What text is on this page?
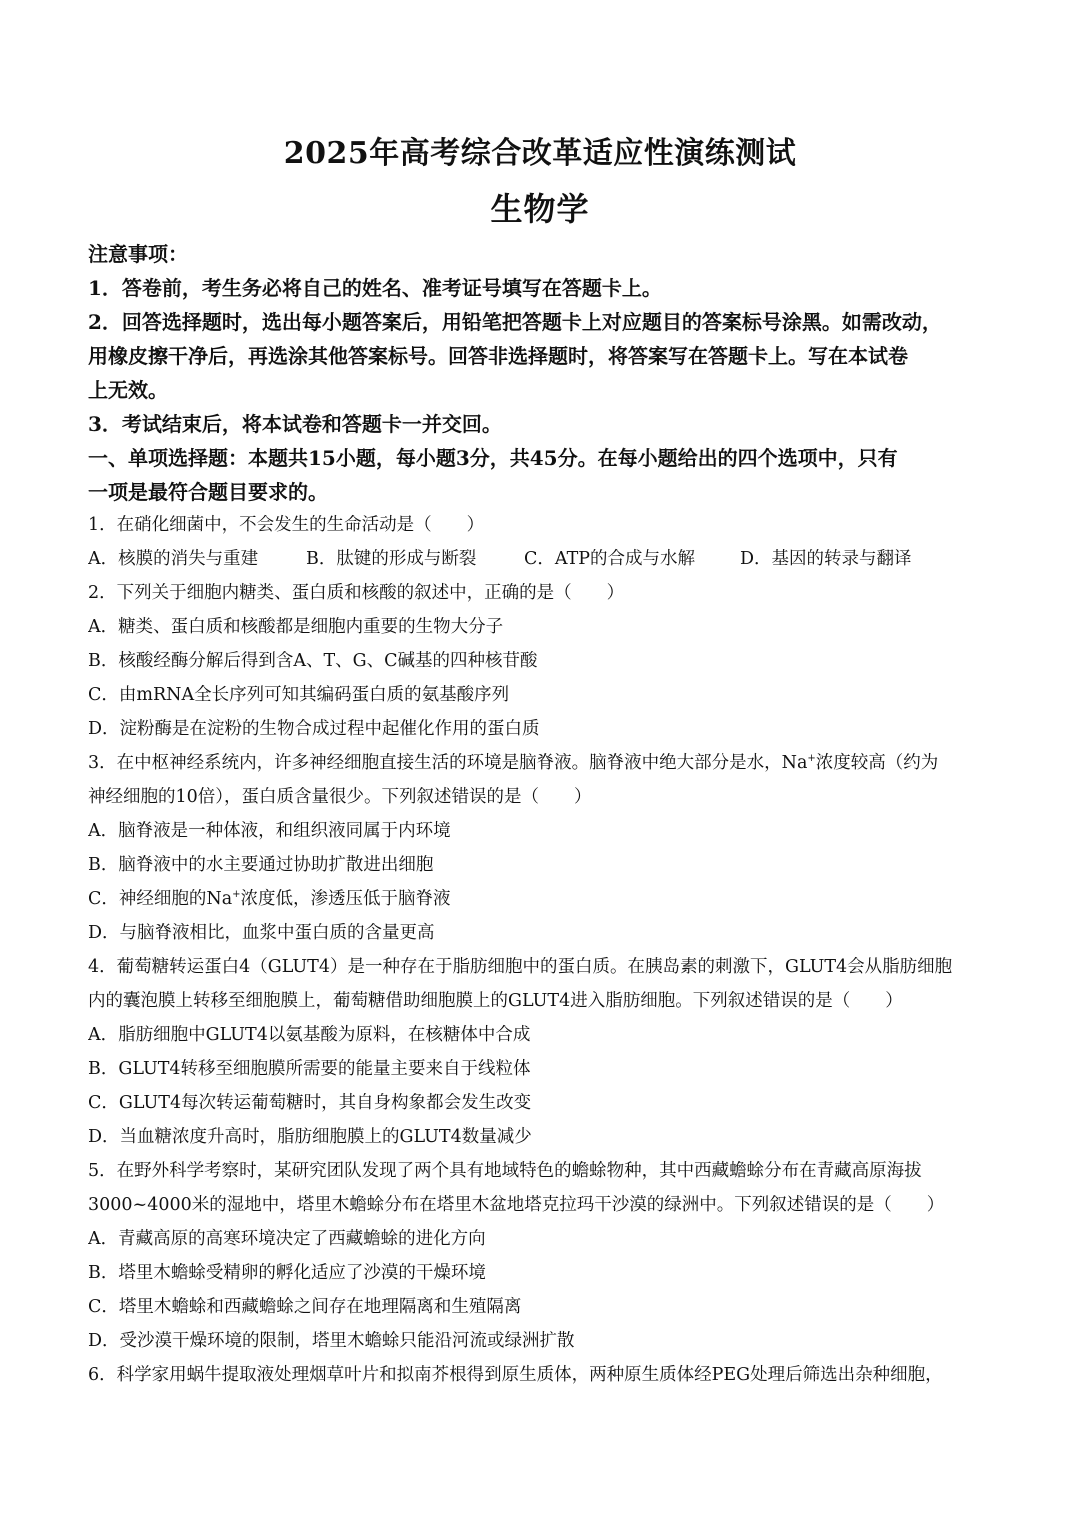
2025年高考综合改革适应性演练测试
生物学
注意事项：
1．答卷前，考生务必将自己的姓名、准考证号填写在答题卡上。
2．回答选择题时，选出每小题答案后，用铅笔把答题卡上对应题目的答案标号涂黑。如需改动，
用橡皮擦干净后，再选涂其他答案标号。回答非选择题时，将答案写在答题卡上。写在本试卷
上无效。
3．考试结束后，将本试卷和答题卡一并交回。
一、单项选择题：本题共15小题，每小题3分，共45分。在每小题给出的四个选项中，只有
一项是最符合题目要求的。
1．在硝化细菌中，不会发生的生命活动是（　　）
A．核膜的消失与重建	B．肽键的形成与断裂	C．ATP的合成与水解	D．基因的转录与翻译
2．下列关于细胞内糖类、蛋白质和核酸的叙述中，正确的是（　　）
A．糖类、蛋白质和核酸都是细胞内重要的生物大分子
B．核酸经酶分解后得到含A、T、G、C碱基的四种核苷酸
C．由mRNA全长序列可知其编码蛋白质的氨基酸序列
D．淀粉酶是在淀粉的生物合成过程中起催化作用的蛋白质
3．在中枢神经系统内，许多神经细胞直接生活的环境是脑脊液。脑脊液中绝大部分是水，Na+浓度较高（约为
神经细胞的10倍），蛋白质含量很少。下列叙述错误的是（　　）
A．脑脊液是一种体液，和组织液同属于内环境
B．脑脊液中的水主要通过协助扩散进出细胞
C．神经细胞的Na+浓度低，渗透压低于脑脊液
D．与脑脊液相比，血浆中蛋白质的含量更高
4．葡萄糖转运蛋白4（GLUT4）是一种存在于脂肪细胞中的蛋白质。在胰岛素的刺激下，GLUT4会从脂肪细胞
内的囊泡膜上转移至细胞膜上，葡萄糖借助细胞膜上的GLUT4进入脂肪细胞。下列叙述错误的是（　　）
A．脂肪细胞中GLUT4以氨基酸为原料，在核糖体中合成
B．GLUT4转移至细胞膜所需要的能量主要来自于线粒体
C．GLUT4每次转运葡萄糖时，其自身构象都会发生改变
D．当血糖浓度升高时，脂肪细胞膜上的GLUT4数量减少
5．在野外科学考察时，某研究团队发现了两个具有地域特色的蟾蜍物种，其中西藏蟾蜍分布在青藏高原海拔
3000~4000米的湿地中，塔里木蟾蜍分布在塔里木盆地塔克拉玛干沙漠的绿洲中。下列叙述错误的是（　　）
A．青藏高原的高寒环境决定了西藏蟾蜍的进化方向
B．塔里木蟾蜍受精卵的孵化适应了沙漠的干燥环境
C．塔里木蟾蜍和西藏蟾蜍之间存在地理隔离和生殖隔离
D．受沙漠干燥环境的限制，塔里木蟾蜍只能沿河流或绿洲扩散
6．科学家用蜗牛提取液处理烟草叶片和拟南芥根得到原生质体，两种原生质体经PEG处理后筛选出杂种细胞，
